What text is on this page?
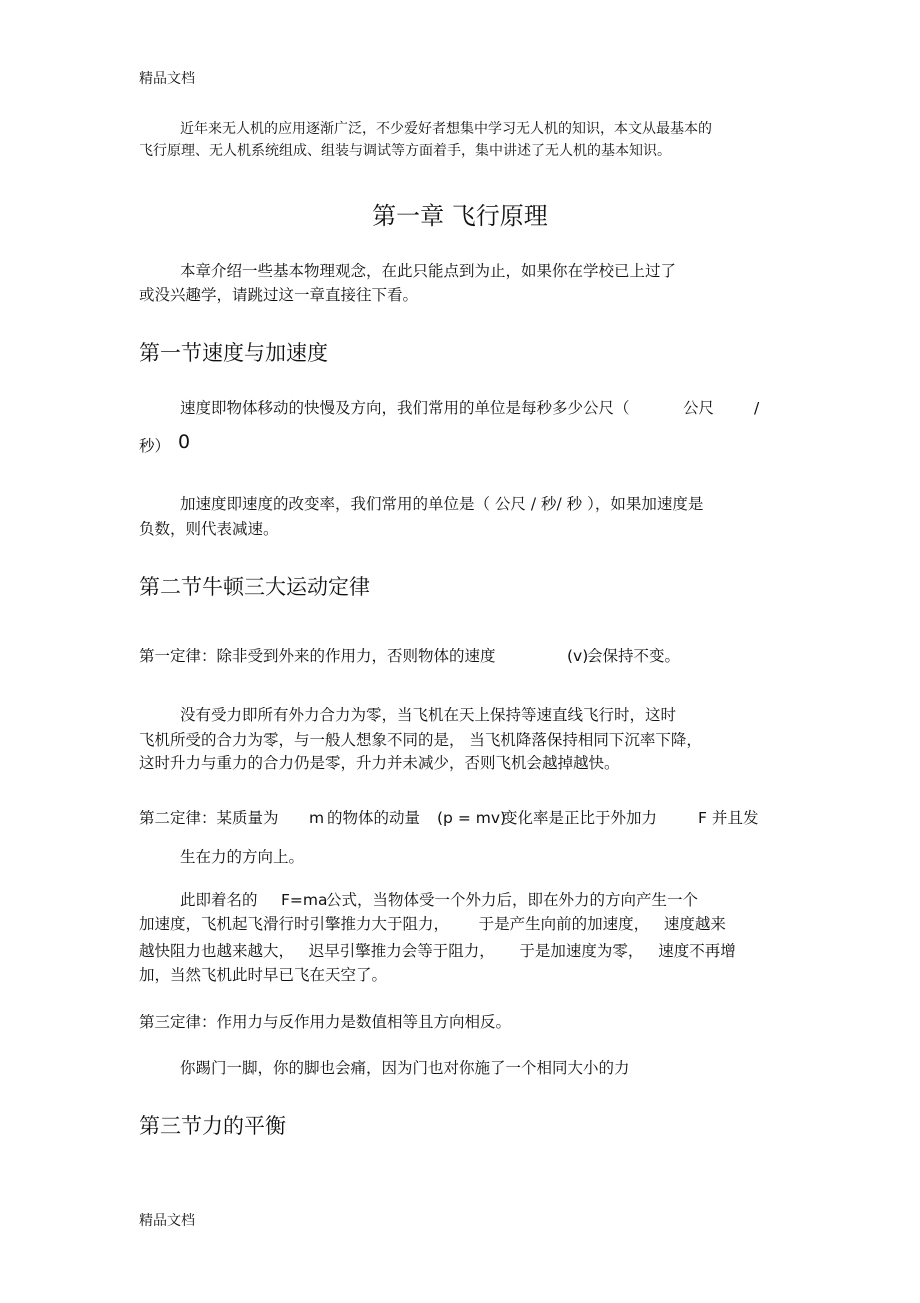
精品文档
近年来无人机的应用逐渐广泛，不少爱好者想集中学习无人机的知识，本文从最基本的
飞行原理、无人机系统组成、组装与调试等方面着手，集中讲述了无人机的基本知识。
第一章 飞行原理
本章介绍一些基本物理观念，在此只能点到为止，如果你在学校已上过了
或没兴趣学，请跳过这一章直接往下看。
第一节速度与加速度
速度即物体移动的快慢及方向，我们常用的单位是每秒多少公尺（	公尺	/
秒） 0
加速度即速度的改变率，我们常用的单位是（ 公尺 / 秒/ 秒 ），如果加速度是
负数，则代表减速。
第二节牛顿三大运动定律
第一定律：除非受到外来的作用力，否则物体的速度	(v)
会保持不变。
没有受力即所有外力合力为零，当飞机在天上保持等速直线飞行时，这时
飞机所受的合力为零，与一般人想象不同的是， 当飞机降落保持相同下沉率下降，
这时升力与重力的合力仍是零，升力并未减少，否则飞机会越掉越快。
第二定律：某质量为 m 的物体的动量 (p = mv)
变化率是正比于外加力	F 并且发
生在力的方向上。
此即着名的 F=ma
公式，当物体受一个外力后，即在外力的方向产生一个
加速度，飞机起飞滑行时引擎推力大于阻力，      于是产生向前的加速度，   速度越来
越快阻力也越来越大，   迟早引擎推力会等于阻力，     于是加速度为零，   速度不再增
加，当然飞机此时早已飞在天空了。
第三定律：作用力与反作用力是数值相等且方向相反。
你踢门一脚，你的脚也会痛，因为门也对你施了一个相同大小的力
第三节力的平衡
精品文档
